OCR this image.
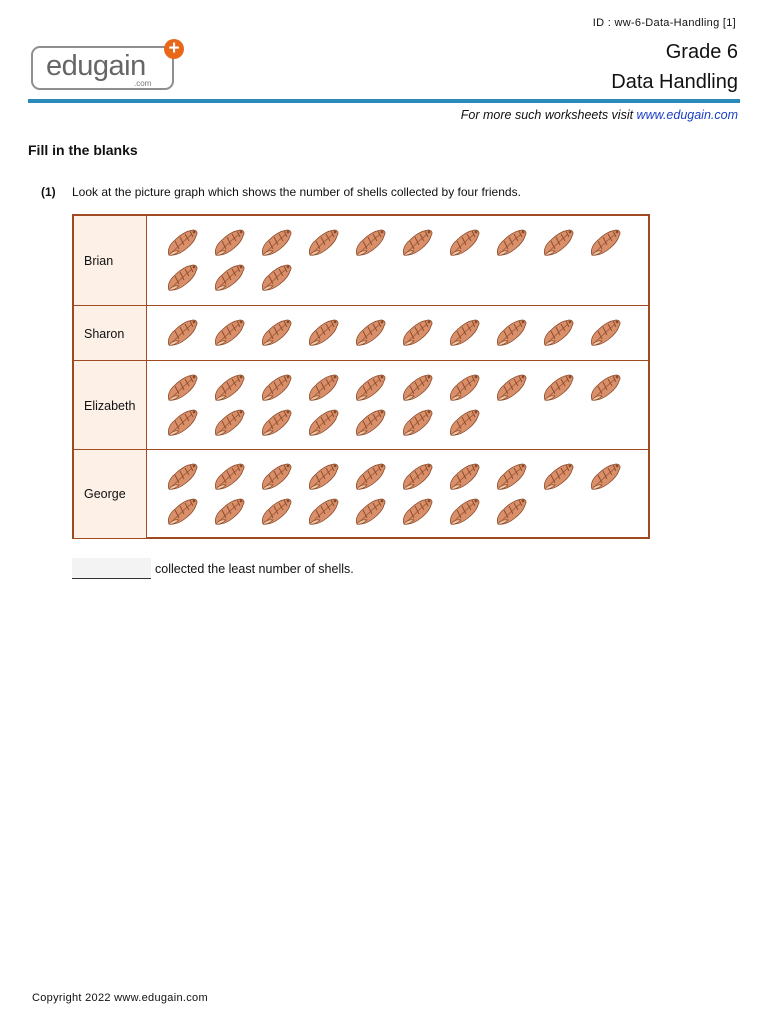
ID : ww-6-Data-Handling [1]
edugain
.com
+	Grade 6
Data Handling
For more such worksheets visit www.edugain.com
Fill in the blanks
(1) Look at the picture graph which shows the number of shells collected by four friends.
Brian
Sharon
Elizabeth
George
collected the least number of shells.
Copyright 2022 www.edugain.com
